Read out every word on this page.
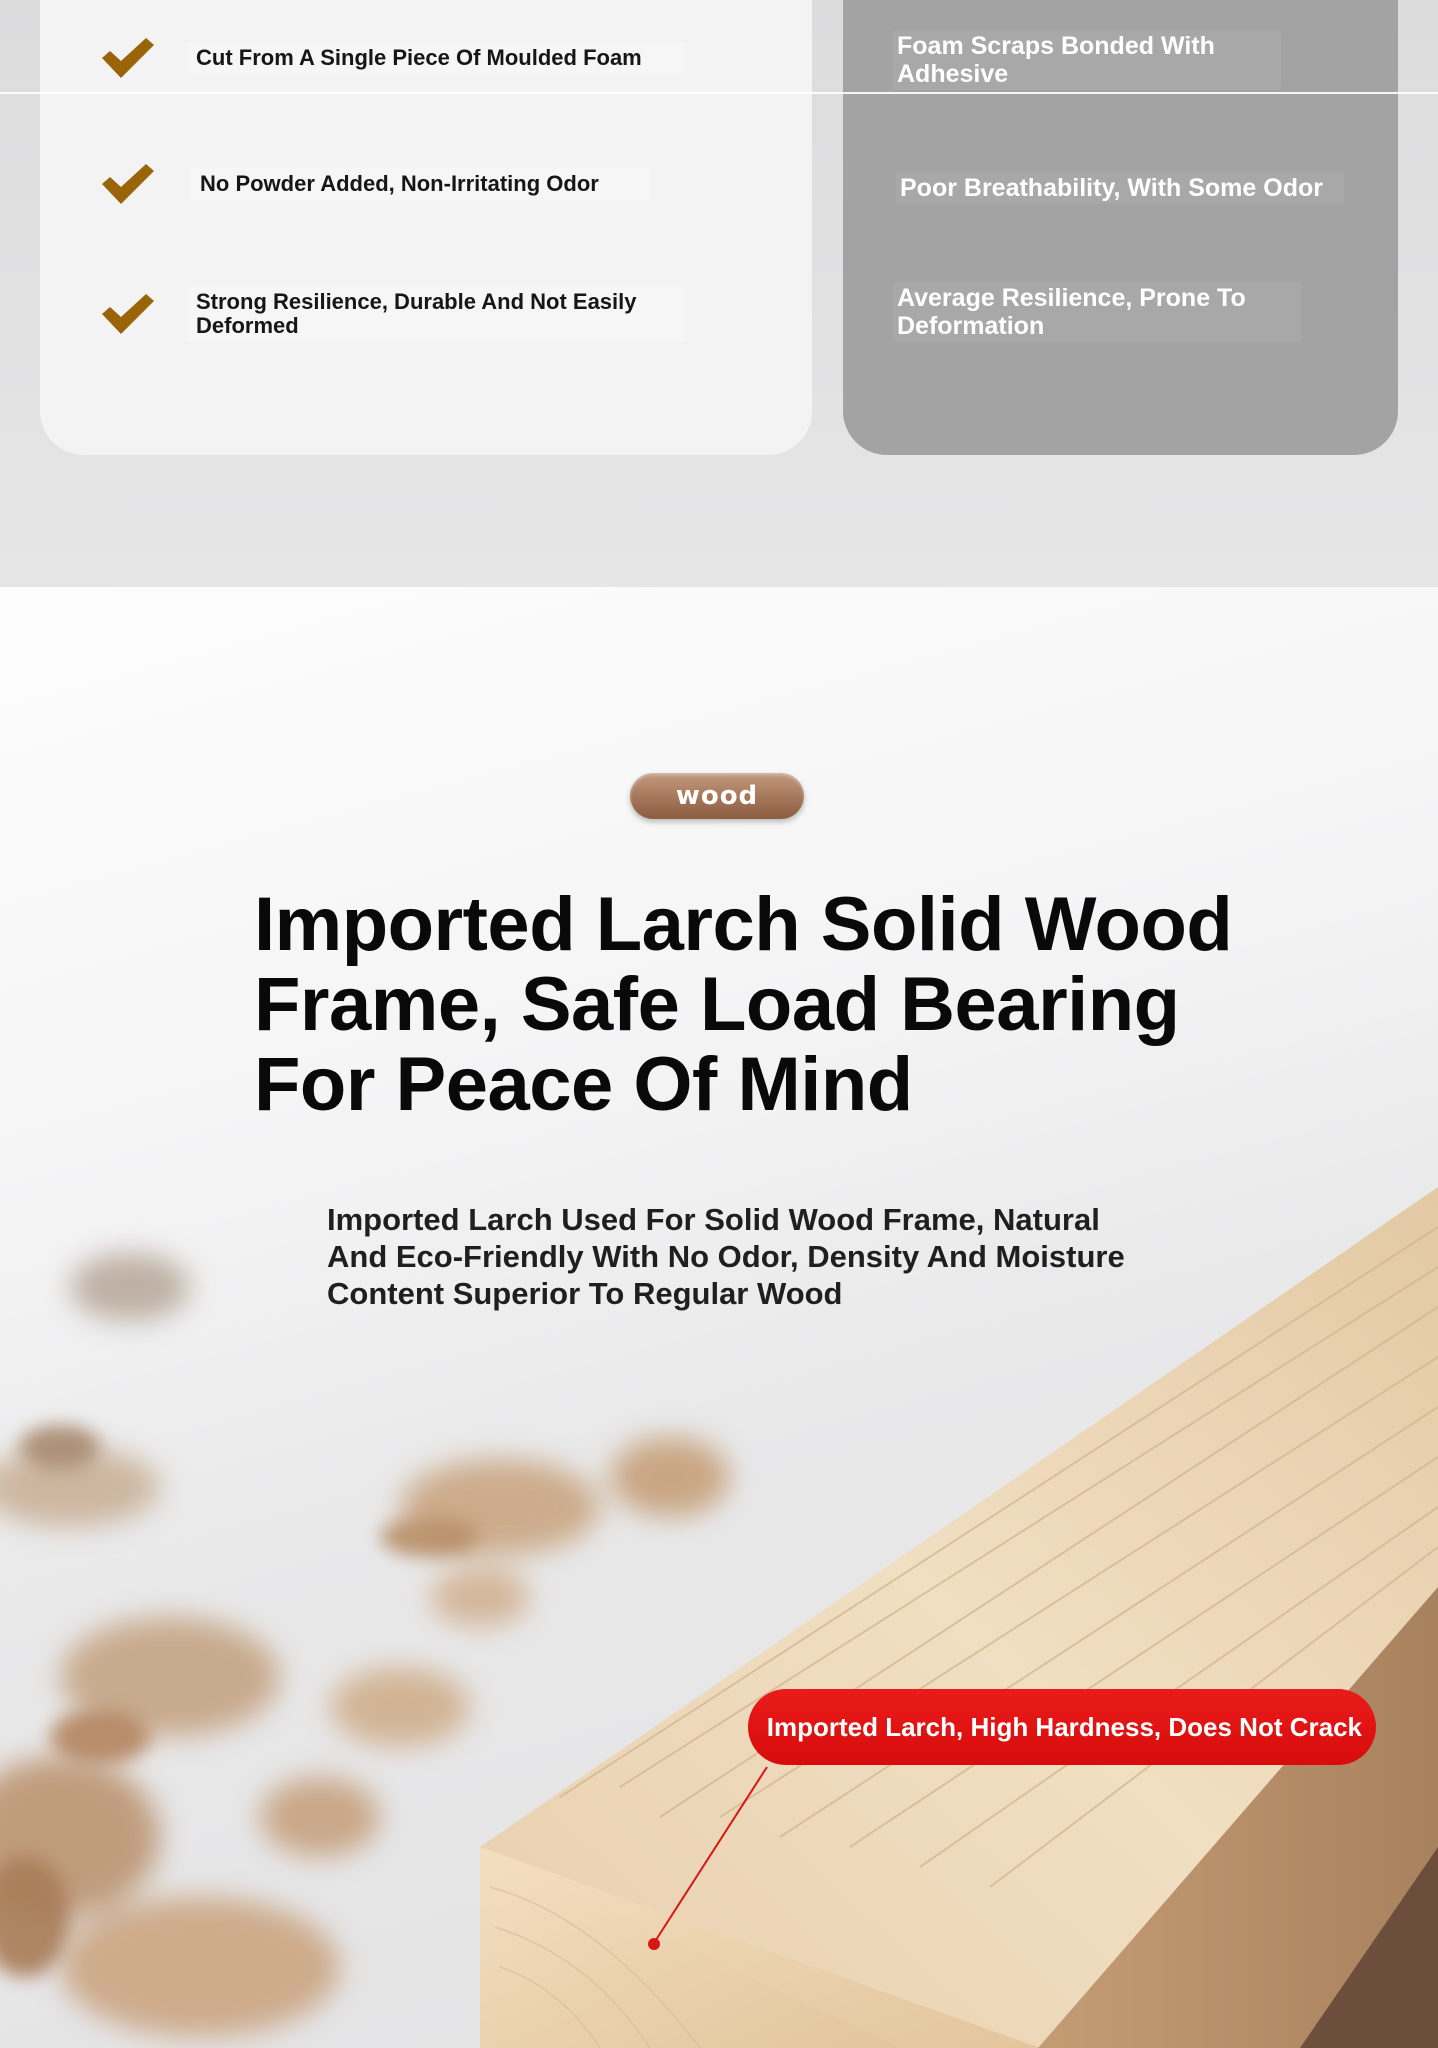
Cut From A Single Piece Of Moulded Foam
No Powder Added, Non-Irritating Odor
Strong Resilience, Durable And Not Easily Deformed
Foam Scraps Bonded With Adhesive
Poor Breathability, With Some Odor
Average Resilience, Prone To Deformation
wood
Imported Larch Solid Wood Frame, Safe Load Bearing For Peace Of Mind

Imported Larch Used For Solid Wood Frame, Natural And Eco-Friendly With No Odor, Density And Moisture Content Superior To Regular Wood

Imported Larch, High Hardness, Does Not Crack
